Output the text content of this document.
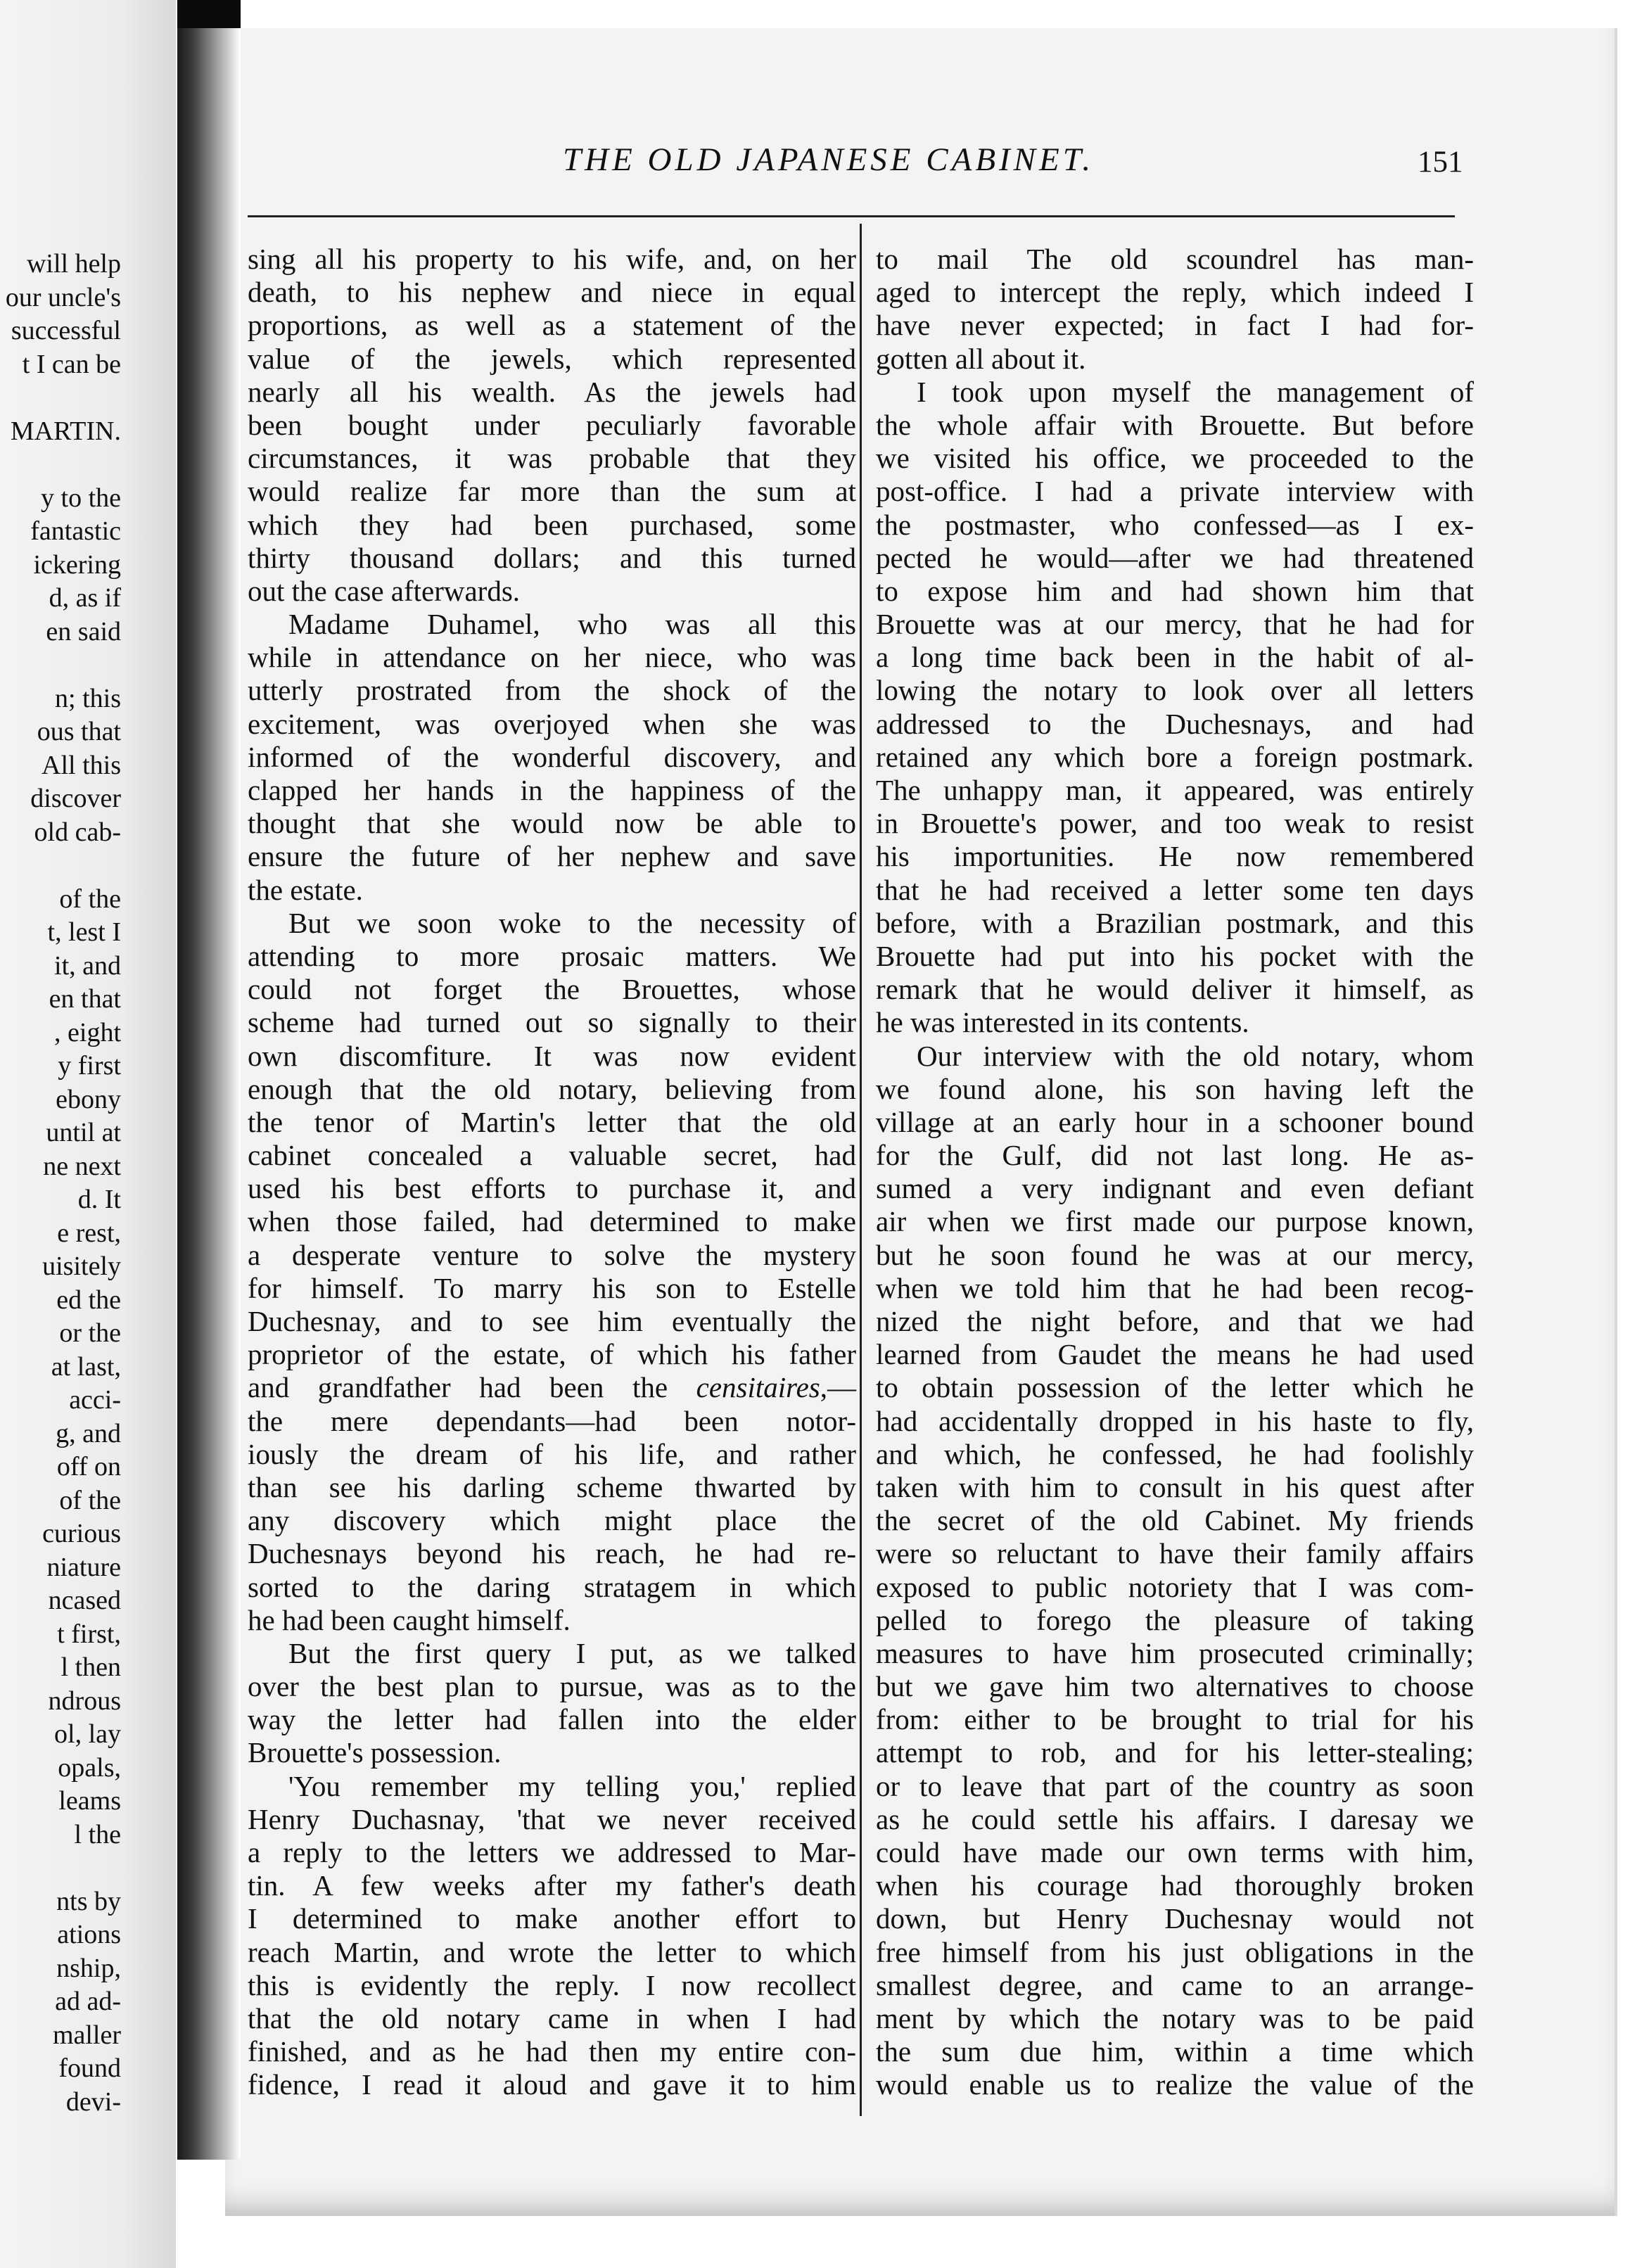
will help
our uncle's
successful
t I can be
MARTIN.
y to the
fantastic
ickering
d, as if
en said
n; this
ous that
All this
discover
old cab-
of the
t, lest I
it, and
en that
, eight
y first
ebony
until at
ne next
d. It
e rest,
uisitely
ed the
or the
at last,
acci-
g, and
off on
of the
curious
niature
ncased
t first,
l then
ndrous
ol, lay
opals,
leams
l the
nts by
ations
nship,
ad ad-
maller
found
devi-
THE OLD JAPANESE CABINET.	151
sing all his property to his wife, and, on her
death, to his nephew and niece in equal
proportions, as well as a statement of the
value of the jewels, which represented
nearly all his wealth. As the jewels had
been bought under peculiarly favorable
circumstances, it was probable that they
would realize far more than the sum at
which they had been purchased, some
thirty thousand dollars; and this turned
out the case afterwards.
Madame Duhamel, who was all this
while in attendance on her niece, who was
utterly prostrated from the shock of the
excitement, was overjoyed when she was
informed of the wonderful discovery, and
clapped her hands in the happiness of the
thought that she would now be able to
ensure the future of her nephew and save
the estate.
But we soon woke to the necessity of
attending to more prosaic matters. We
could not forget the Brouettes, whose
scheme had turned out so signally to their
own discomfiture. It was now evident
enough that the old notary, believing from
the tenor of Martin's letter that the old
cabinet concealed a valuable secret, had
used his best efforts to purchase it, and
when those failed, had determined to make
a desperate venture to solve the mystery
for himself. To marry his son to Estelle
Duchesnay, and to see him eventually the
proprietor of the estate, of which his father
and grandfather had been the censitaires,—
the mere dependants—had been notor-
iously the dream of his life, and rather
than see his darling scheme thwarted by
any discovery which might place the
Duchesnays beyond his reach, he had re-
sorted to the daring stratagem in which
he had been caught himself.
But the first query I put, as we talked
over the best plan to pursue, was as to the
way the letter had fallen into the elder
Brouette's possession.
'You remember my telling you,' replied
Henry Duchasnay, 'that we never received
a reply to the letters we addressed to Mar-
tin. A few weeks after my father's death
I determined to make another effort to
reach Martin, and wrote the letter to which
this is evidently the reply. I now recollect
that the old notary came in when I had
finished, and as he had then my entire con-
fidence, I read it aloud and gave it to him
to mail The old scoundrel has man-
aged to intercept the reply, which indeed I
have never expected; in fact I had for-
gotten all about it.
I took upon myself the management of
the whole affair with Brouette. But before
we visited his office, we proceeded to the
post-office. I had a private interview with
the postmaster, who confessed—as I ex-
pected he would—after we had threatened
to expose him and had shown him that
Brouette was at our mercy, that he had for
a long time back been in the habit of al-
lowing the notary to look over all letters
addressed to the Duchesnays, and had
retained any which bore a foreign postmark.
The unhappy man, it appeared, was entirely
in Brouette's power, and too weak to resist
his importunities. He now remembered
that he had received a letter some ten days
before, with a Brazilian postmark, and this
Brouette had put into his pocket with the
remark that he would deliver it himself, as
he was interested in its contents.
Our interview with the old notary, whom
we found alone, his son having left the
village at an early hour in a schooner bound
for the Gulf, did not last long. He as-
sumed a very indignant and even defiant
air when we first made our purpose known,
but he soon found he was at our mercy,
when we told him that he had been recog-
nized the night before, and that we had
learned from Gaudet the means he had used
to obtain possession of the letter which he
had accidentally dropped in his haste to fly,
and which, he confessed, he had foolishly
taken with him to consult in his quest after
the secret of the old Cabinet. My friends
were so reluctant to have their family affairs
exposed to public notoriety that I was com-
pelled to forego the pleasure of taking
measures to have him prosecuted criminally;
but we gave him two alternatives to choose
from: either to be brought to trial for his
attempt to rob, and for his letter-stealing;
or to leave that part of the country as soon
as he could settle his affairs. I daresay we
could have made our own terms with him,
when his courage had thoroughly broken
down, but Henry Duchesnay would not
free himself from his just obligations in the
smallest degree, and came to an arrange-
ment by which the notary was to be paid
the sum due him, within a time which
would enable us to realize the value of the
